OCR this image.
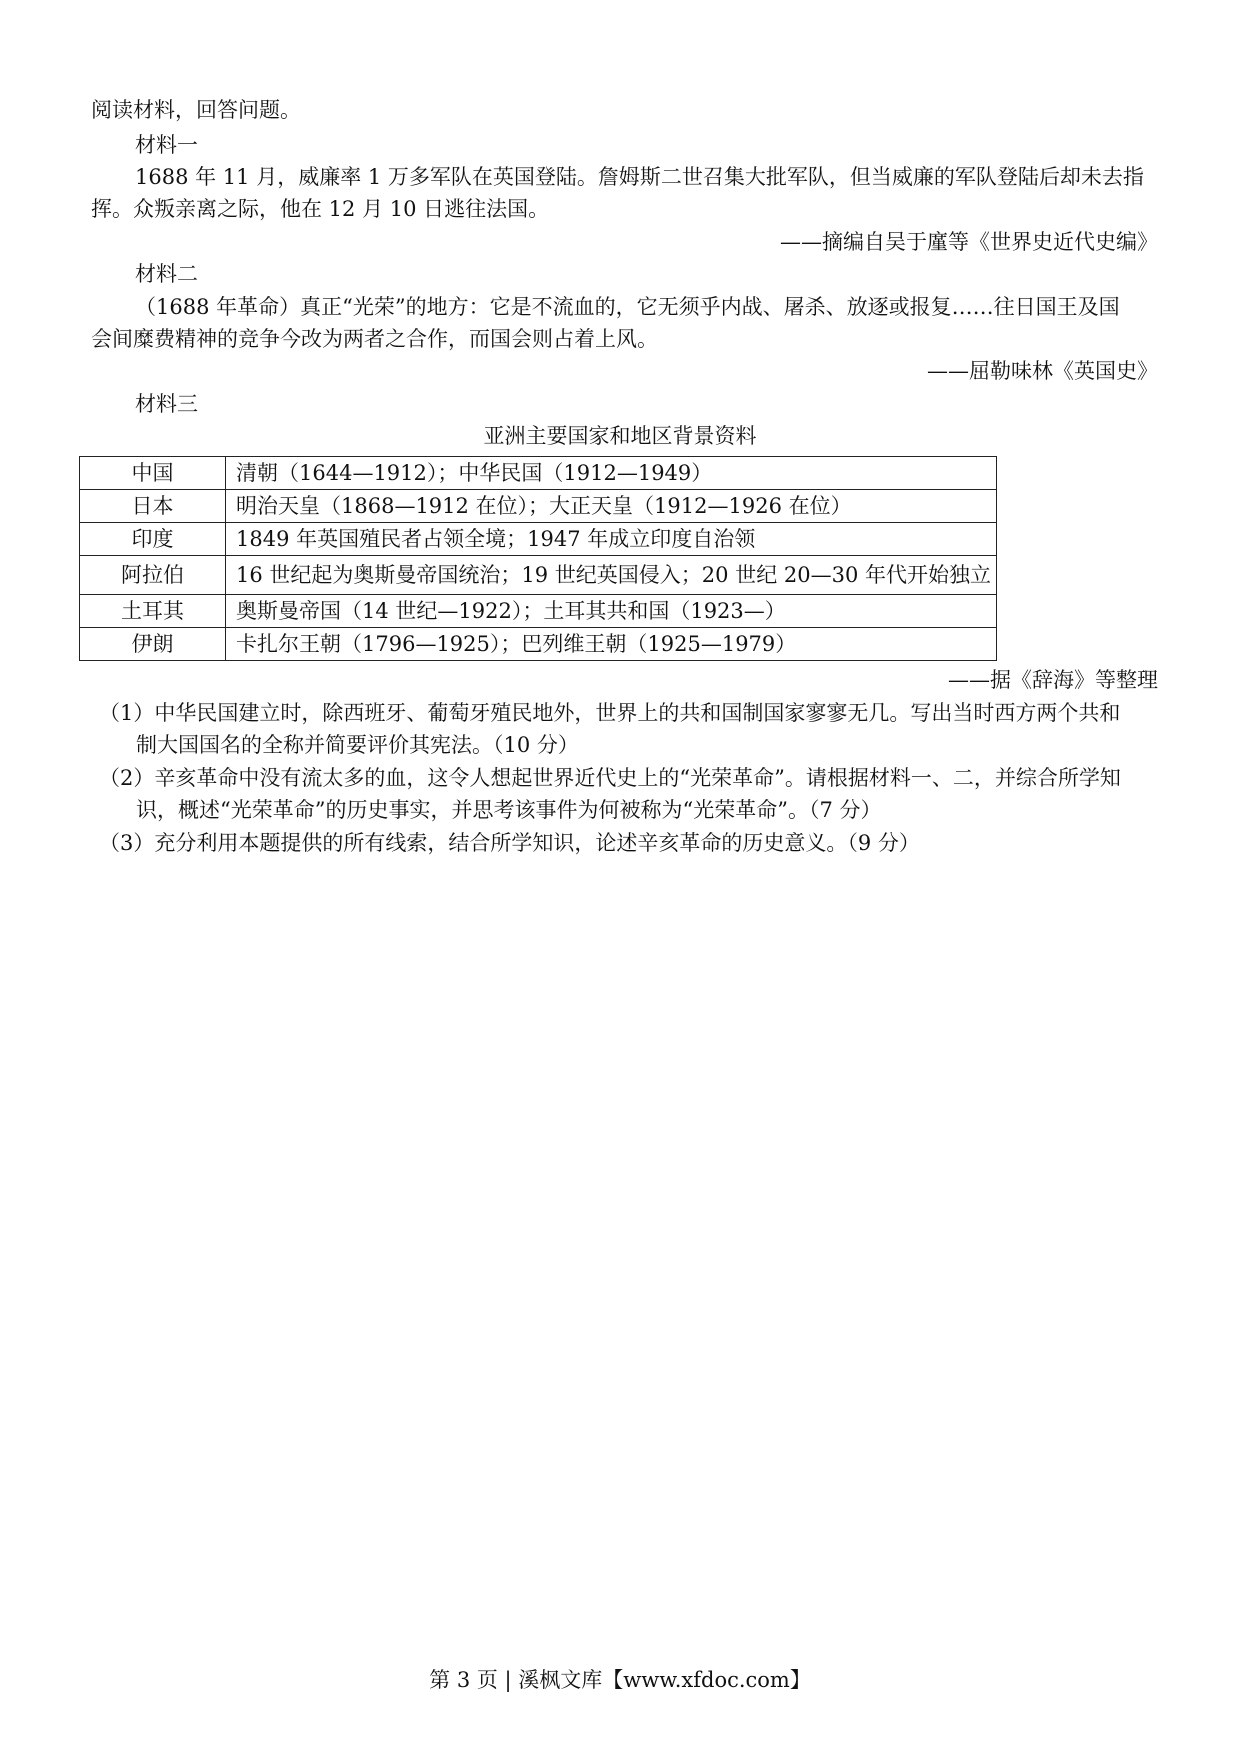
阅读材料，回答问题。
材料一
1688 年 11 月，威廉率 1 万多军队在英国登陆。詹姆斯二世召集大批军队，但当威廉的军队登陆后却未去指
挥。众叛亲离之际，他在 12 月 10 日逃往法国。
——摘编自吴于廑等《世界史近代史编》
材料二
（1688 年革命）真正“光荣”的地方：它是不流血的，它无须乎内战、屠杀、放逐或报复……往日国王及国
会间糜费精神的竞争今改为两者之合作，而国会则占着上风。
——屈勒味林《英国史》
材料三
亚洲主要国家和地区背景资料
中国	清朝（1644—1912）；中华民国（1912—1949）
日本	明治天皇（1868—1912 在位）；大正天皇（1912—1926 在位）
印度	1849 年英国殖民者占领全境；1947 年成立印度自治领
阿拉伯	16 世纪起为奥斯曼帝国统治；19 世纪英国侵入；20 世纪 20—30 年代开始独立
土耳其	奥斯曼帝国（14 世纪—1922）；土耳其共和国（1923—）
伊朗	卡扎尔王朝（1796—1925）；巴列维王朝（1925—1979）
——据《辞海》等整理
（1）中华民国建立时，除西班牙、葡萄牙殖民地外，世界上的共和国制国家寥寥无几。写出当时西方两个共和
制大国国名的全称并简要评价其宪法。（10 分）
（2）辛亥革命中没有流太多的血，这令人想起世界近代史上的“光荣革命”。请根据材料一、二，并综合所学知
识，概述“光荣革命”的历史事实，并思考该事件为何被称为“光荣革命”。（7 分）
（3）充分利用本题提供的所有线索，结合所学知识，论述辛亥革命的历史意义。（9 分）
第 3 页 | 溪枫文库【www.xfdoc.com】
